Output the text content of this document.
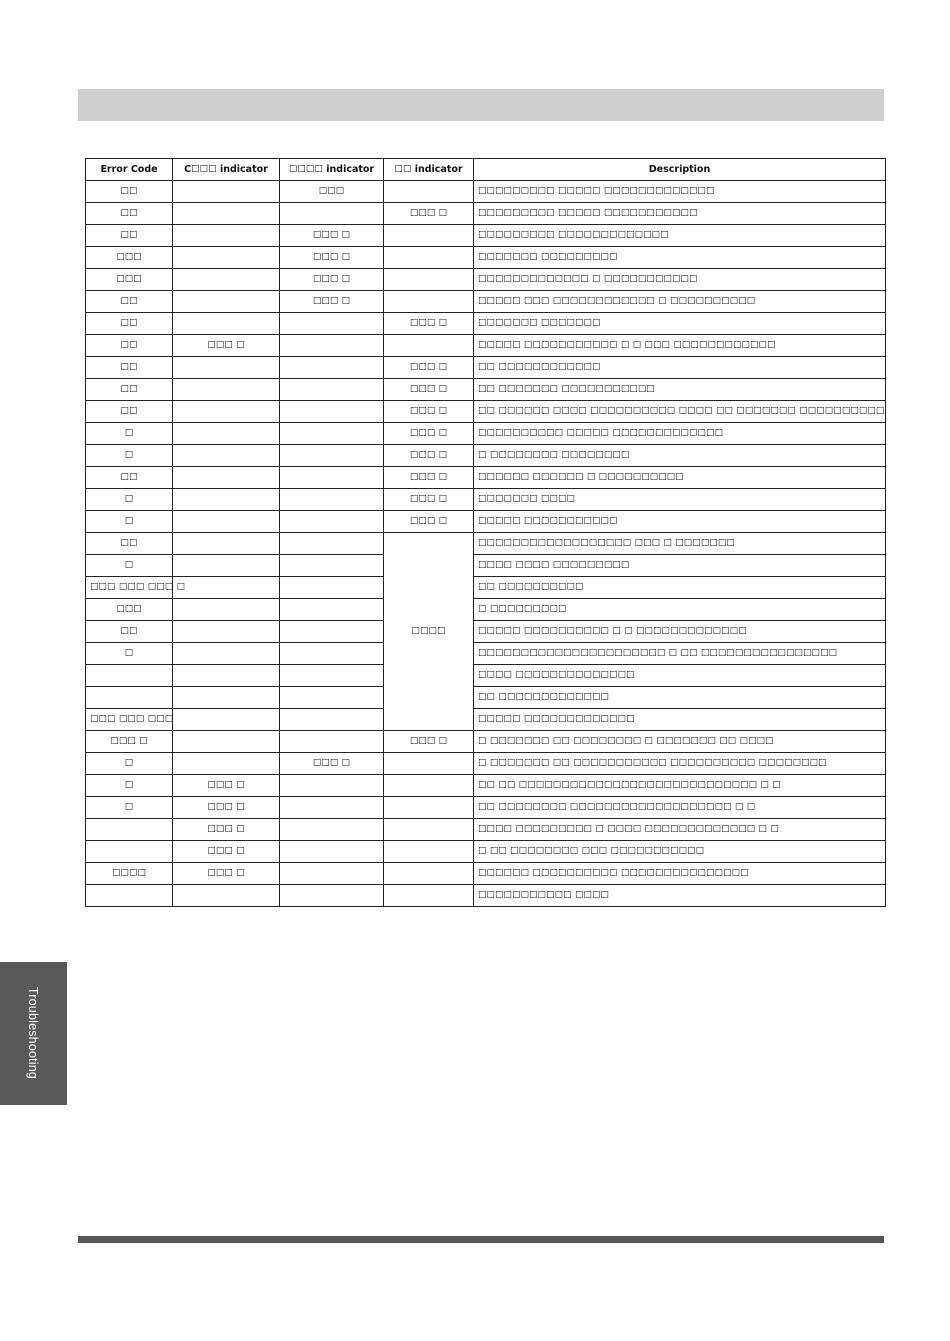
Error Code	C☐☐☐ indicator	☐☐☐☐ indicator	☐☐ indicator	Description
☐☐		☐☐☐		☐☐☐☐☐☐☐☐☐ ☐☐☐☐☐ ☐☐☐☐☐☐☐☐☐☐☐☐☐
☐☐			☐☐☐ ☐	☐☐☐☐☐☐☐☐☐ ☐☐☐☐☐ ☐☐☐☐☐☐☐☐☐☐☐
☐☐		☐☐☐ ☐		☐☐☐☐☐☐☐☐☐ ☐☐☐☐☐☐☐☐☐☐☐☐☐
☐☐☐		☐☐☐ ☐		☐☐☐☐☐☐☐ ☐☐☐☐☐☐☐☐☐
☐☐☐		☐☐☐ ☐		☐☐☐☐☐☐☐☐☐☐☐☐☐ ☐ ☐☐☐☐☐☐☐☐☐☐☐
☐☐		☐☐☐ ☐		☐☐☐☐☐ ☐☐☐ ☐☐☐☐☐☐☐☐☐☐☐☐ ☐ ☐☐☐☐☐☐☐☐☐☐
☐☐			☐☐☐ ☐	☐☐☐☐☐☐☐ ☐☐☐☐☐☐☐
☐☐	☐☐☐ ☐			☐☐☐☐☐ ☐☐☐☐☐☐☐☐☐☐☐ ☐ ☐ ☐☐☐ ☐☐☐☐☐☐☐☐☐☐☐☐
☐☐			☐☐☐ ☐	☐☐ ☐☐☐☐☐☐☐☐☐☐☐☐
☐☐			☐☐☐ ☐	☐☐ ☐☐☐☐☐☐☐ ☐☐☐☐☐☐☐☐☐☐☐
☐☐			☐☐☐ ☐	☐☐ ☐☐☐☐☐☐ ☐☐☐☐ ☐☐☐☐☐☐☐☐☐☐ ☐☐☐☐ ☐☐ ☐☐☐☐☐☐☐ ☐☐☐☐☐☐☐☐☐☐
☐			☐☐☐ ☐	☐☐☐☐☐☐☐☐☐☐ ☐☐☐☐☐ ☐☐☐☐☐☐☐☐☐☐☐☐☐
☐			☐☐☐ ☐	☐ ☐☐☐☐☐☐☐☐ ☐☐☐☐☐☐☐☐
☐☐			☐☐☐ ☐	☐☐☐☐☐☐ ☐☐☐☐☐☐ ☐ ☐☐☐☐☐☐☐☐☐☐
☐			☐☐☐ ☐	☐☐☐☐☐☐☐ ☐☐☐☐
☐			☐☐☐ ☐	☐☐☐☐☐ ☐☐☐☐☐☐☐☐☐☐☐
☐☐			☐☐☐☐	☐☐☐☐☐☐☐☐☐☐☐☐☐☐☐☐☐☐ ☐☐☐ ☐ ☐☐☐☐☐☐☐
☐				☐☐☐☐ ☐☐☐☐ ☐☐☐☐☐☐☐☐☐
☐☐☐ ☐☐☐ ☐☐☐ ☐				☐☐ ☐☐☐☐☐☐☐☐☐☐
☐☐☐				☐ ☐☐☐☐☐☐☐☐☐
☐☐				☐☐☐☐☐ ☐☐☐☐☐☐☐☐☐☐ ☐ ☐ ☐☐☐☐☐☐☐☐☐☐☐☐☐
☐				☐☐☐☐☐☐☐☐☐☐☐☐☐☐☐☐☐☐☐☐☐☐ ☐ ☐☐ ☐☐☐☐☐☐☐☐☐☐☐☐☐☐☐☐
				☐☐☐☐ ☐☐☐☐☐☐☐☐☐☐☐☐☐☐
				☐☐ ☐☐☐☐☐☐☐☐☐☐☐☐☐
☐☐☐ ☐☐☐ ☐☐☐				☐☐☐☐☐ ☐☐☐☐☐☐☐☐☐☐☐☐☐
☐☐☐ ☐			☐☐☐ ☐	☐ ☐☐☐☐☐☐☐ ☐☐ ☐☐☐☐☐☐☐☐ ☐ ☐☐☐☐☐☐☐ ☐☐ ☐☐☐☐
☐		☐☐☐ ☐		☐ ☐☐☐☐☐☐☐ ☐☐ ☐☐☐☐☐☐☐☐☐☐☐ ☐☐☐☐☐☐☐☐☐☐ ☐☐☐☐☐☐☐☐
☐	☐☐☐ ☐			☐☐ ☐☐ ☐☐☐☐☐☐☐☐☐☐☐☐☐☐☐☐☐☐☐☐☐☐☐☐☐☐☐☐ ☐ ☐
☐	☐☐☐ ☐			☐☐ ☐☐☐☐☐☐☐☐ ☐☐☐☐☐☐☐☐☐☐☐☐☐☐☐☐☐☐☐ ☐ ☐
	☐☐☐ ☐			☐☐☐☐ ☐☐☐☐☐☐☐☐☐ ☐ ☐☐☐☐ ☐☐☐☐☐☐☐☐☐☐☐☐☐ ☐ ☐
	☐☐☐ ☐			☐ ☐☐ ☐☐☐☐☐☐☐☐ ☐☐☐ ☐☐☐☐☐☐☐☐☐☐☐
☐☐☐☐	☐☐☐ ☐			☐☐☐☐☐☐ ☐☐☐☐☐☐☐☐☐☐ ☐☐☐☐☐☐☐☐☐☐☐☐☐☐☐
				☐☐☐☐☐☐☐☐☐☐☐ ☐☐☐☐
Troubleshooting
